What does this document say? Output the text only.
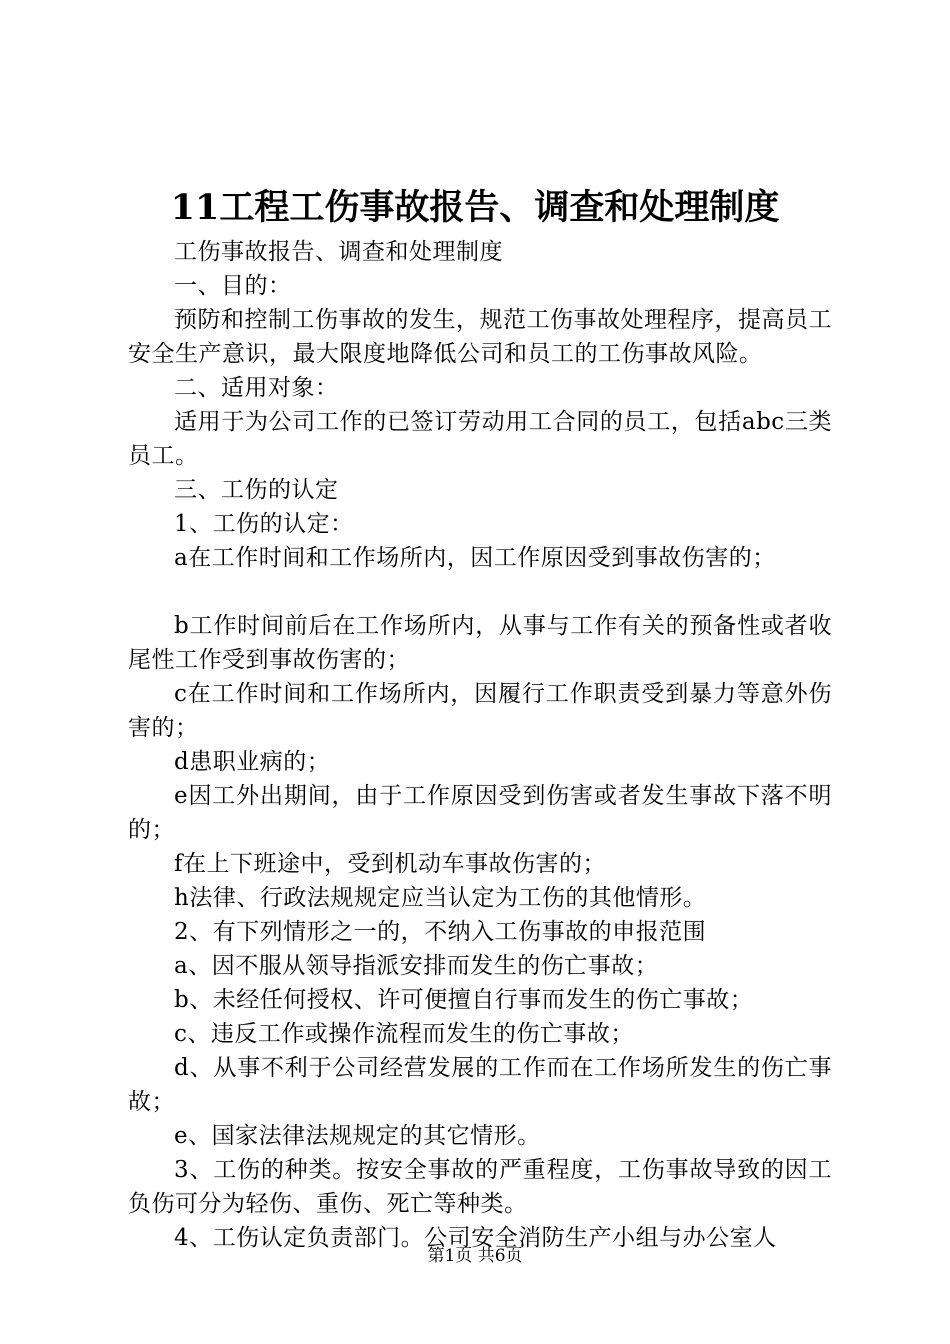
11工程工伤事故报告、调查和处理制度

工伤事故报告、调查和处理制度

一、目的：

预防和控制工伤事故的发生，规范工伤事故处理程序，提高员工安全生产意识，最大限度地降低公司和员工的工伤事故风险。

二、适用对象：

适用于为公司工作的已签订劳动用工合同的员工，包括abc三类员工。

三、工伤的认定

1、工伤的认定：

a在工作时间和工作场所内，因工作原因受到事故伤害的；

b工作时间前后在工作场所内，从事与工作有关的预备性或者收尾性工作受到事故伤害的；

c在工作时间和工作场所内，因履行工作职责受到暴力等意外伤害的；

d患职业病的；

e因工外出期间，由于工作原因受到伤害或者发生事故下落不明的；

f在上下班途中，受到机动车事故伤害的；

h法律、行政法规规定应当认定为工伤的其他情形。

2、有下列情形之一的，不纳入工伤事故的申报范围

a、因不服从领导指派安排而发生的伤亡事故；

b、未经任何授权、许可便擅自行事而发生的伤亡事故；

c、违反工作或操作流程而发生的伤亡事故；

d、从事不利于公司经营发展的工作而在工作场所发生的伤亡事故；

e、国家法律法规规定的其它情形。

3、工伤的种类。按安全事故的严重程度，工伤事故导致的因工负伤可分为轻伤、重伤、死亡等种类。

4、工伤认定负责部门。公司安全消防生产小组与办公室人

第1页 共6页
